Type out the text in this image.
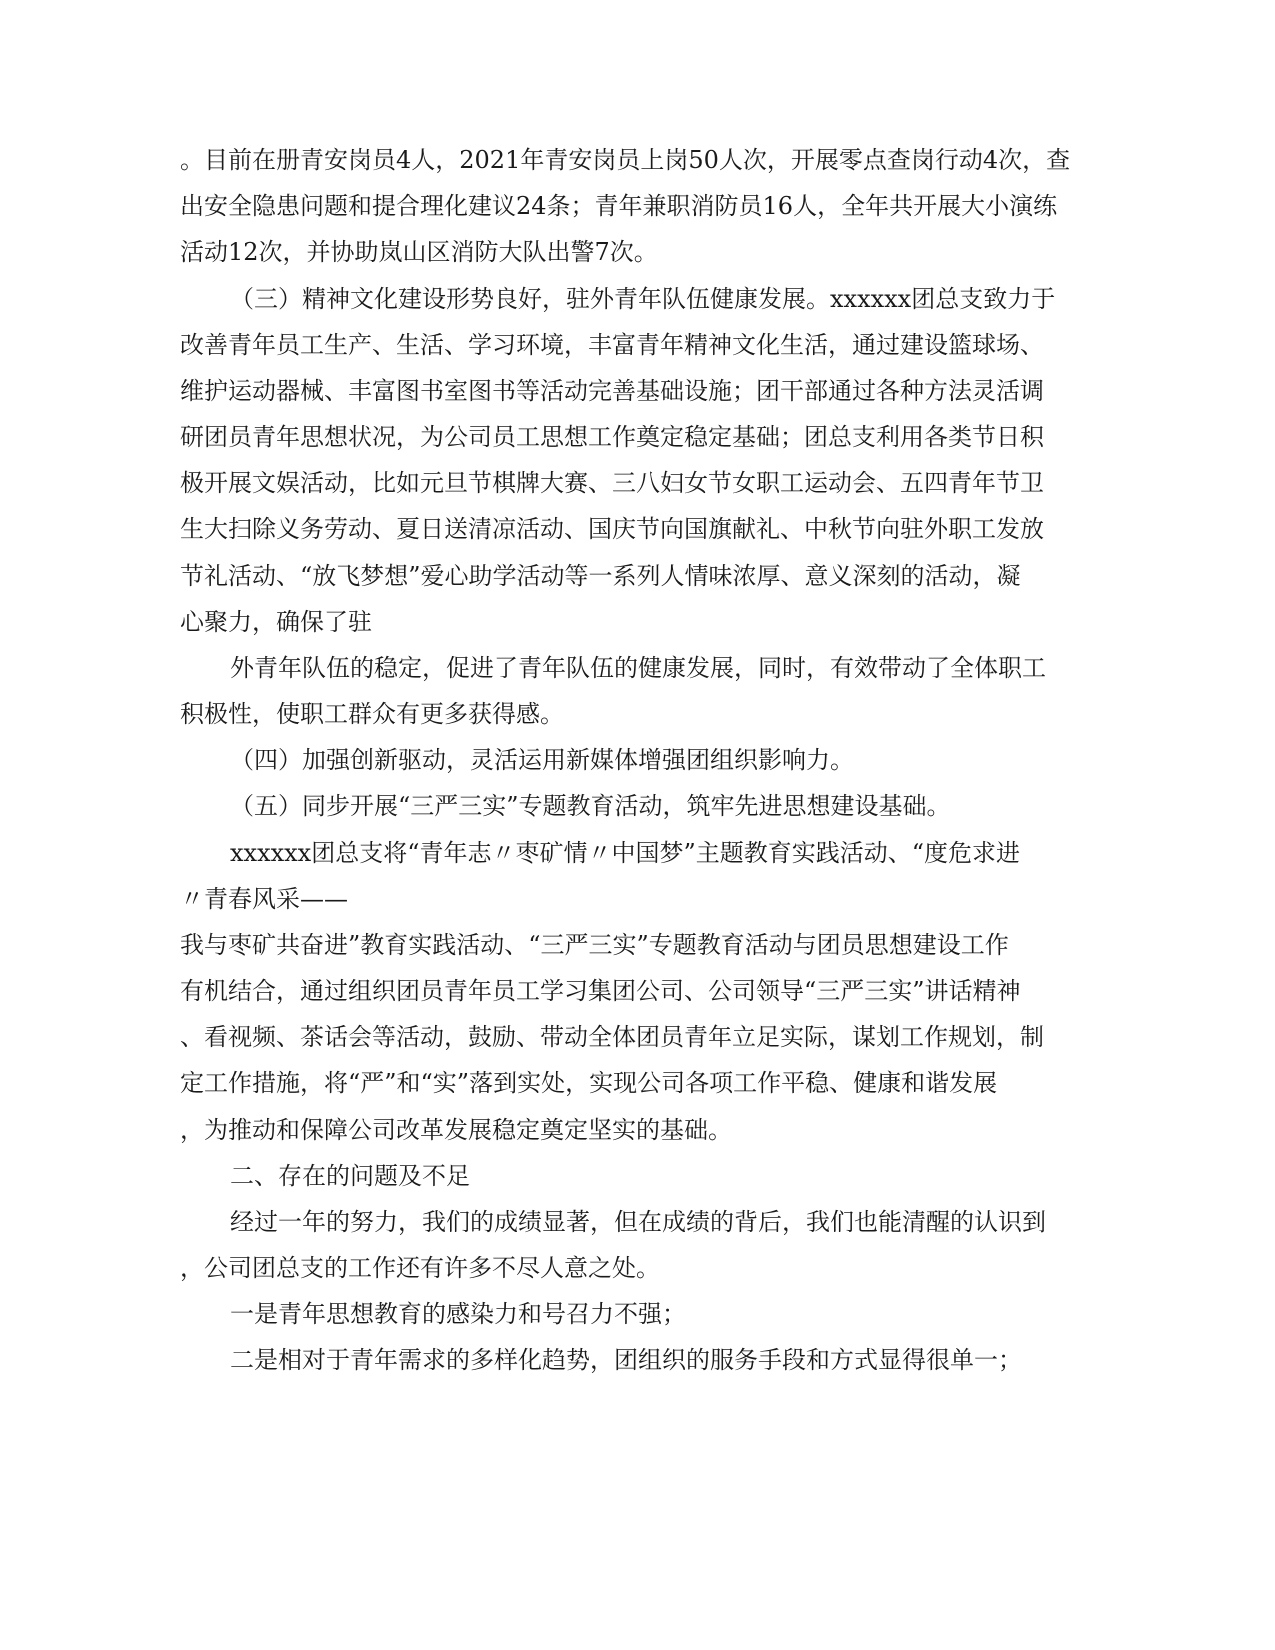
。目前在册青安岗员4人，2021年青安岗员上岗50人次，开展零点查岗行动4次，查

出安全隐患问题和提合理化建议24条；青年兼职消防员16人，全年共开展大小演练

活动12次，并协助岚山区消防大队出警7次。

（三）精神文化建设形势良好，驻外青年队伍健康发展。xxxxxx团总支致力于

改善青年员工生产、生活、学习环境，丰富青年精神文化生活，通过建设篮球场、

维护运动器械、丰富图书室图书等活动完善基础设施；团干部通过各种方法灵活调

研团员青年思想状况，为公司员工思想工作奠定稳定基础；团总支利用各类节日积

极开展文娱活动，比如元旦节棋牌大赛、三八妇女节女职工运动会、五四青年节卫

生大扫除义务劳动、夏日送清凉活动、国庆节向国旗献礼、中秋节向驻外职工发放

节礼活动、“放飞梦想”爱心助学活动等一系列人情味浓厚、意义深刻的活动，凝

心聚力，确保了驻

外青年队伍的稳定，促进了青年队伍的健康发展，同时，有效带动了全体职工

积极性，使职工群众有更多获得感。

（四）加强创新驱动，灵活运用新媒体增强团组织影响力。

（五）同步开展“三严三实”专题教育活动，筑牢先进思想建设基础。

xxxxxx团总支将“青年志〃枣矿情〃中国梦”主题教育实践活动、“度危求进

〃青春风采——

我与枣矿共奋进”教育实践活动、“三严三实”专题教育活动与团员思想建设工作

有机结合，通过组织团员青年员工学习集团公司、公司领导“三严三实”讲话精神

、看视频、茶话会等活动，鼓励、带动全体团员青年立足实际，谋划工作规划，制

定工作措施，将“严”和“实”落到实处，实现公司各项工作平稳、健康和谐发展

，为推动和保障公司改革发展稳定奠定坚实的基础。

二、存在的问题及不足

经过一年的努力，我们的成绩显著，但在成绩的背后，我们也能清醒的认识到

，公司团总支的工作还有许多不尽人意之处。

一是青年思想教育的感染力和号召力不强；

二是相对于青年需求的多样化趋势，团组织的服务手段和方式显得很单一；
